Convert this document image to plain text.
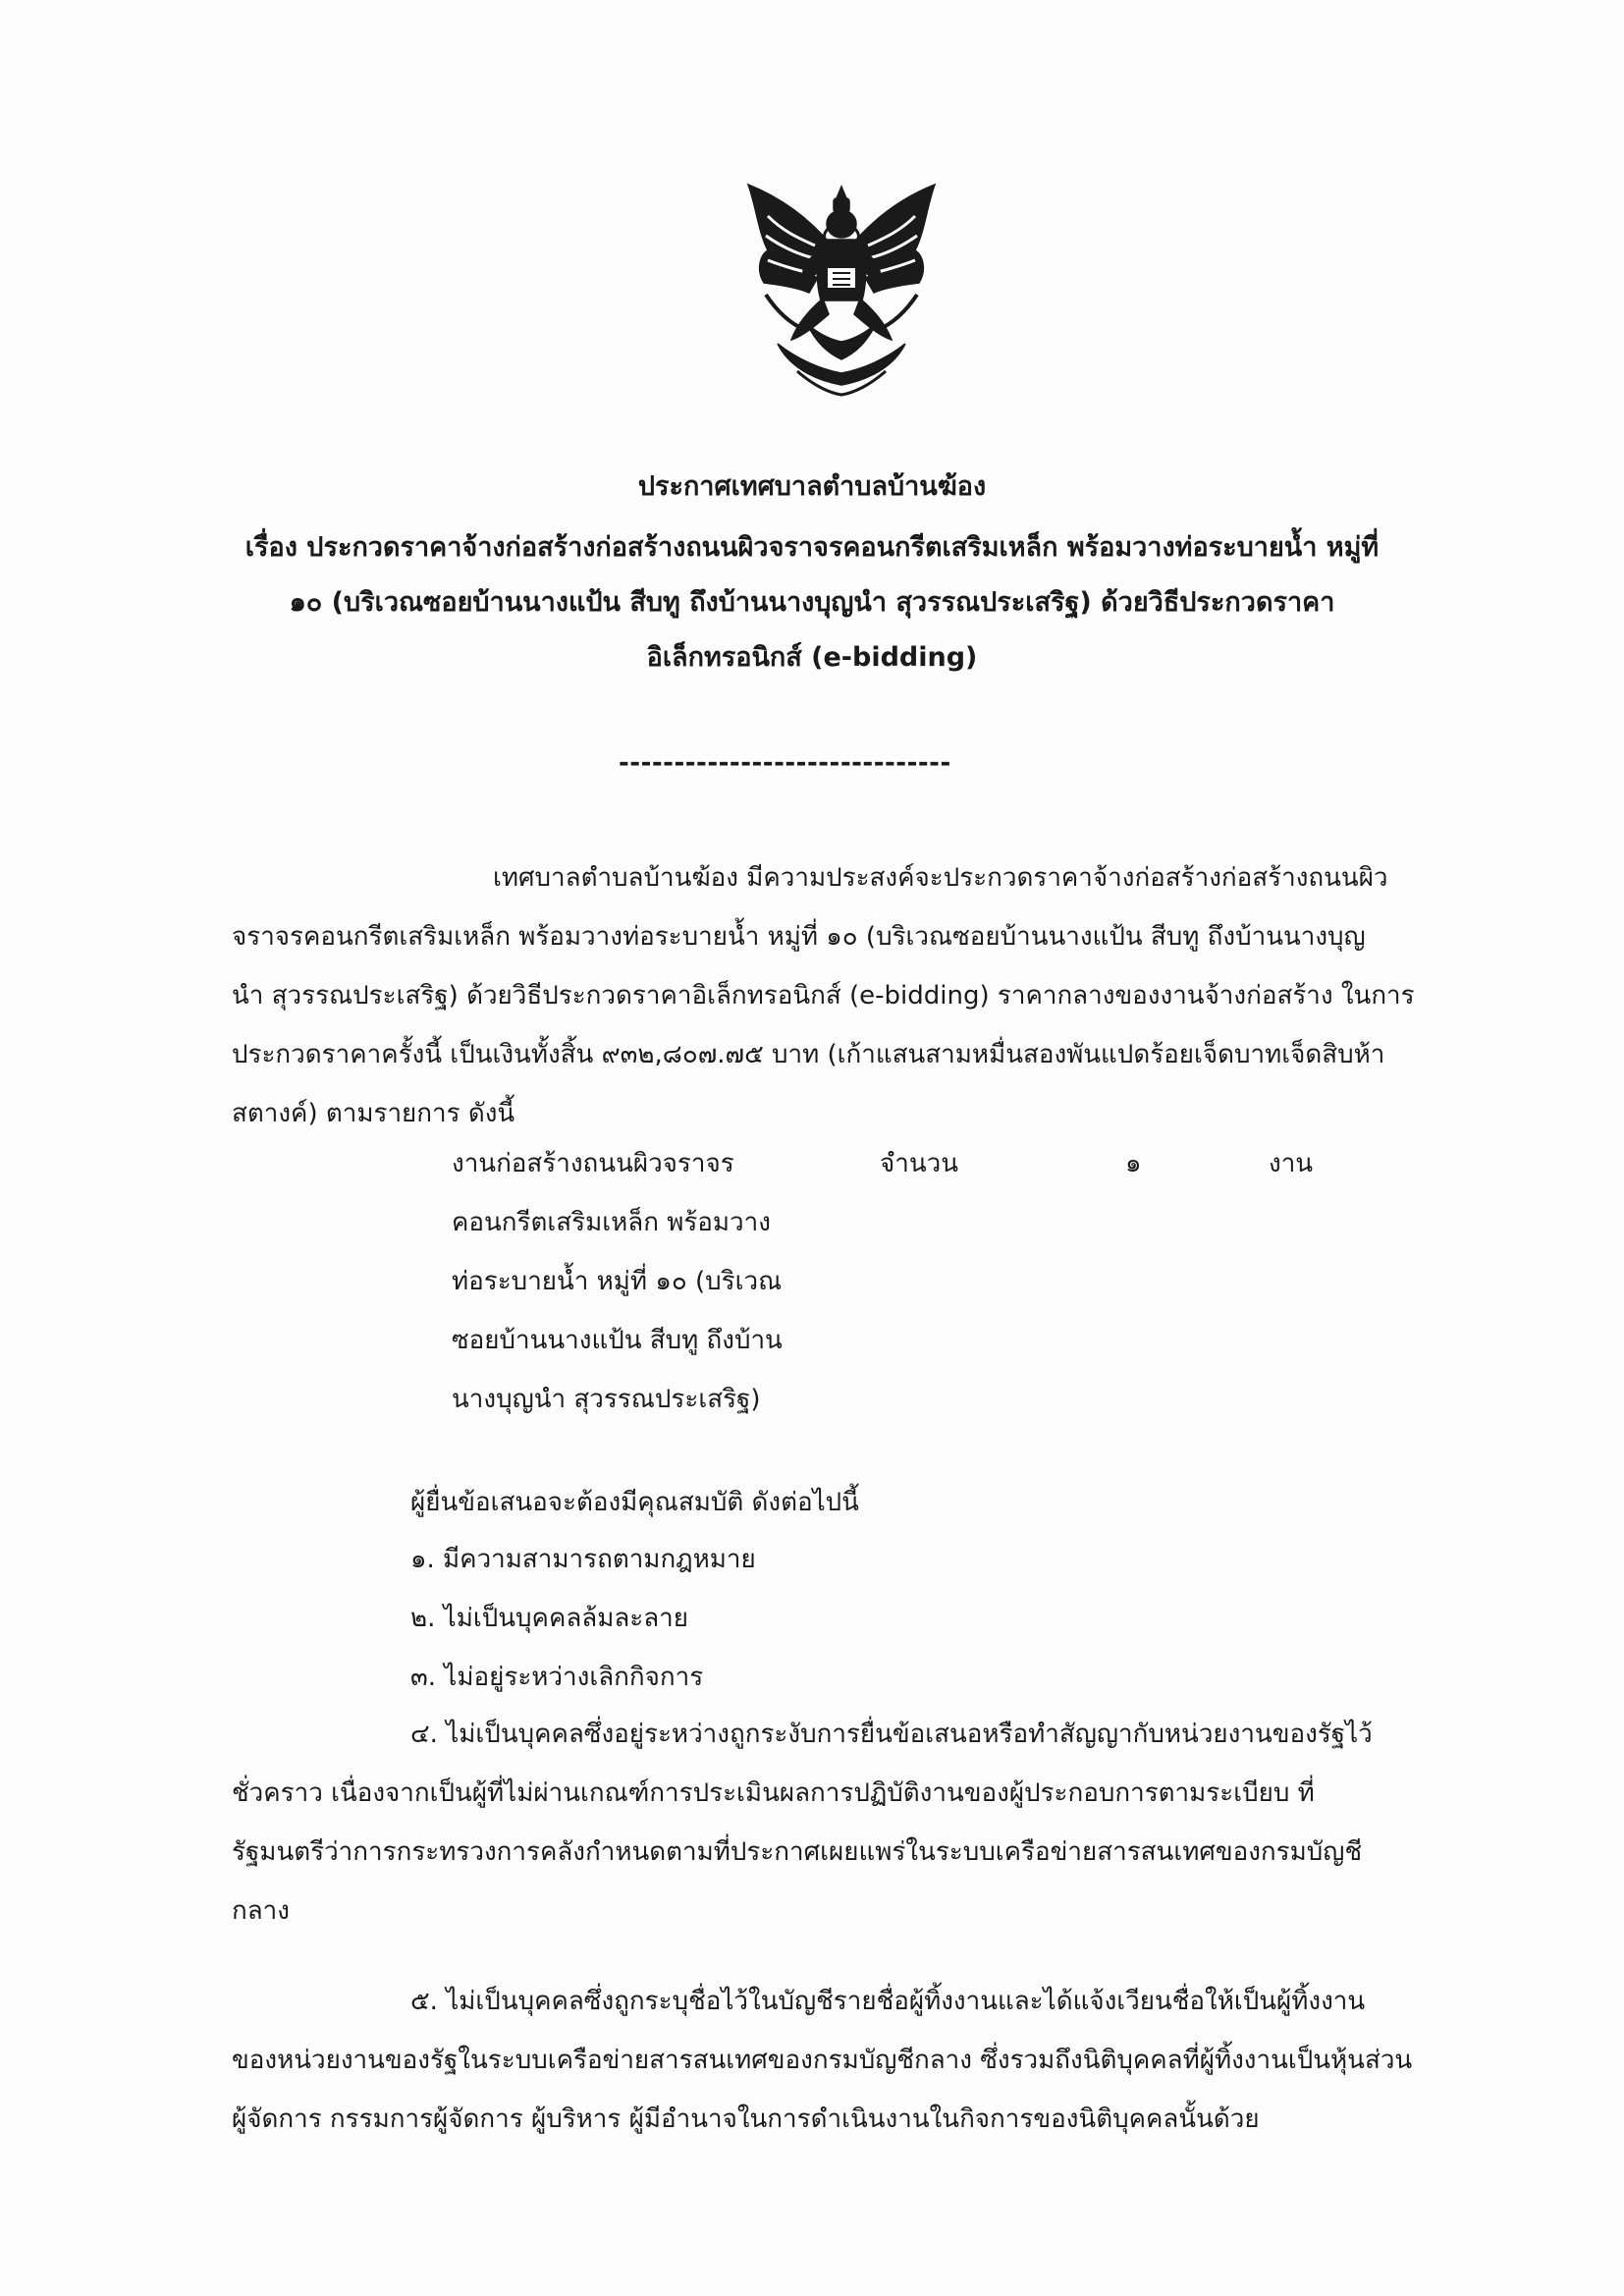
ประกาศเทศบาลตำบลบ้านฆ้อง
เรื่อง ประกวดราคาจ้างก่อสร้างก่อสร้างถนนผิวจราจรคอนกรีตเสริมเหล็ก พร้อมวางท่อระบายน้ำ หมู่ที่
๑๐ (บริเวณซอยบ้านนางแป้น สีบทู ถึงบ้านนางบุญนำ สุวรรณประเสริฐ) ด้วยวิธีประกวดราคา
อิเล็กทรอนิกส์ (e-bidding)
------------------------------
เทศบาลตำบลบ้านฆ้อง มีความประสงค์จะประกวดราคาจ้างก่อสร้างก่อสร้างถนนผิว
จราจรคอนกรีตเสริมเหล็ก พร้อมวางท่อระบายน้ำ หมู่ที่ ๑๐ (บริเวณซอยบ้านนางแป้น สีบทู ถึงบ้านนางบุญ
นำ สุวรรณประเสริฐ) ด้วยวิธีประกวดราคาอิเล็กทรอนิกส์ (e-bidding) ราคากลางของงานจ้างก่อสร้าง ในการ
ประกวดราคาครั้งนี้ เป็นเงินทั้งสิ้น ๙๓๒,๘๐๗.๗๕ บาท (เก้าแสนสามหมื่นสองพันแปดร้อยเจ็ดบาทเจ็ดสิบห้า
สตางค์) ตามรายการ ดังนี้
งานก่อสร้างถนนผิวจราจร
คอนกรีตเสริมเหล็ก พร้อมวาง
ท่อระบายน้ำ หมู่ที่ ๑๐ (บริเวณ
ซอยบ้านนางแป้น สีบทู ถึงบ้าน
นางบุญนำ สุวรรณประเสริฐ)
จำนวน	๑	งาน
ผู้ยื่นข้อเสนอจะต้องมีคุณสมบัติ ดังต่อไปนี้
๑. มีความสามารถตามกฎหมาย
๒. ไม่เป็นบุคคลล้มละลาย
๓. ไม่อยู่ระหว่างเลิกกิจการ
๔. ไม่เป็นบุคคลซึ่งอยู่ระหว่างถูกระงับการยื่นข้อเสนอหรือทำสัญญากับหน่วยงานของรัฐไว้
ชั่วคราว เนื่องจากเป็นผู้ที่ไม่ผ่านเกณฑ์การประเมินผลการปฏิบัติงานของผู้ประกอบการตามระเบียบ ที่
รัฐมนตรีว่าการกระทรวงการคลังกำหนดตามที่ประกาศเผยแพร่ในระบบเครือข่ายสารสนเทศของกรมบัญชี
กลาง
๕. ไม่เป็นบุคคลซึ่งถูกระบุชื่อไว้ในบัญชีรายชื่อผู้ทิ้งงานและได้แจ้งเวียนชื่อให้เป็นผู้ทิ้งงาน
ของหน่วยงานของรัฐในระบบเครือข่ายสารสนเทศของกรมบัญชีกลาง ซึ่งรวมถึงนิติบุคคลที่ผู้ทิ้งงานเป็นหุ้นส่วน
ผู้จัดการ กรรมการผู้จัดการ ผู้บริหาร ผู้มีอำนาจในการดำเนินงานในกิจการของนิติบุคคลนั้นด้วย
